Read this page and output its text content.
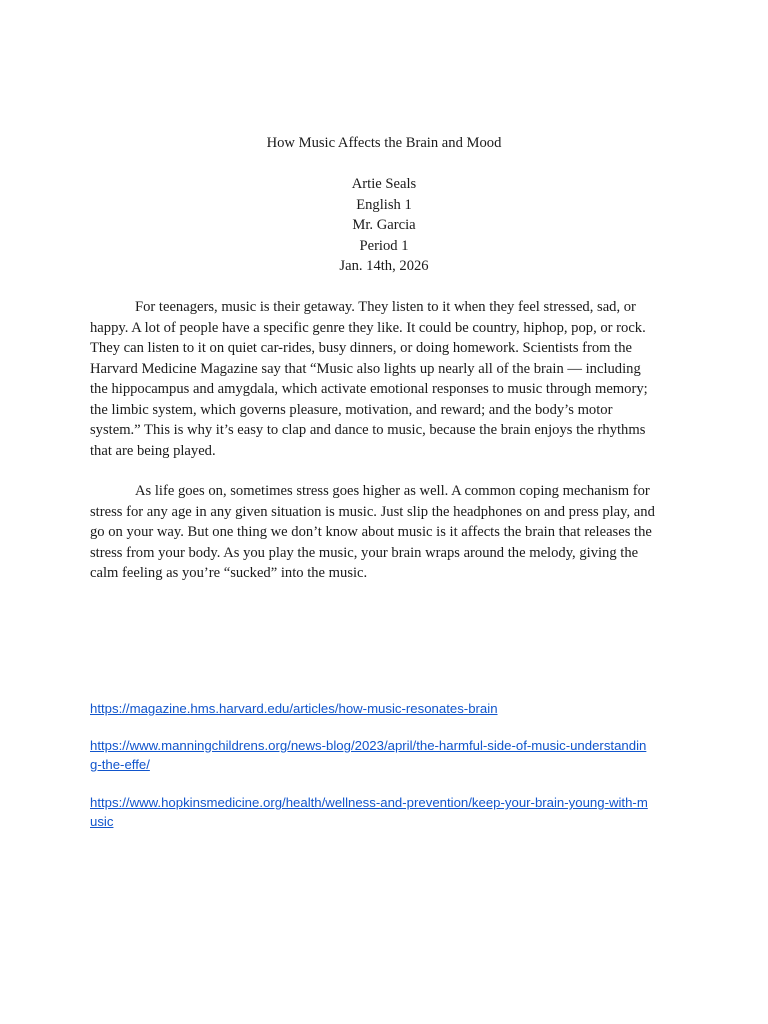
How Music Affects the Brain and Mood
Artie Seals
English 1
Mr. Garcia
Period 1
Jan. 14th, 2026
For teenagers, music is their getaway. They listen to it when they feel stressed, sad, or
happy. A lot of people have a specific genre they like. It could be country, hiphop, pop, or rock.
They can listen to it on quiet car-rides, busy dinners, or doing homework. Scientists from the
Harvard Medicine Magazine say that “Music also lights up nearly all of the brain — including
the hippocampus and amygdala, which activate emotional responses to music through memory;
the limbic system, which governs pleasure, motivation, and reward; and the body’s motor
system.” This is why it’s easy to clap and dance to music, because the brain enjoys the rhythms
that are being played.
As life goes on, sometimes stress goes higher as well. A common coping mechanism for
stress for any age in any given situation is music. Just slip the headphones on and press play, and
go on your way. But one thing we don’t know about music is it affects the brain that releases the
stress from your body. As you play the music, your brain wraps around the melody, giving the
calm feeling as you’re “sucked” into the music.
https://magazine.hms.harvard.edu/articles/how-music-resonates-brain
https://www.manningchildrens.org/news-blog/2023/april/the-harmful-side-of-music-understandin
g-the-effe/
https://www.hopkinsmedicine.org/health/wellness-and-prevention/keep-your-brain-young-with-m
usic
